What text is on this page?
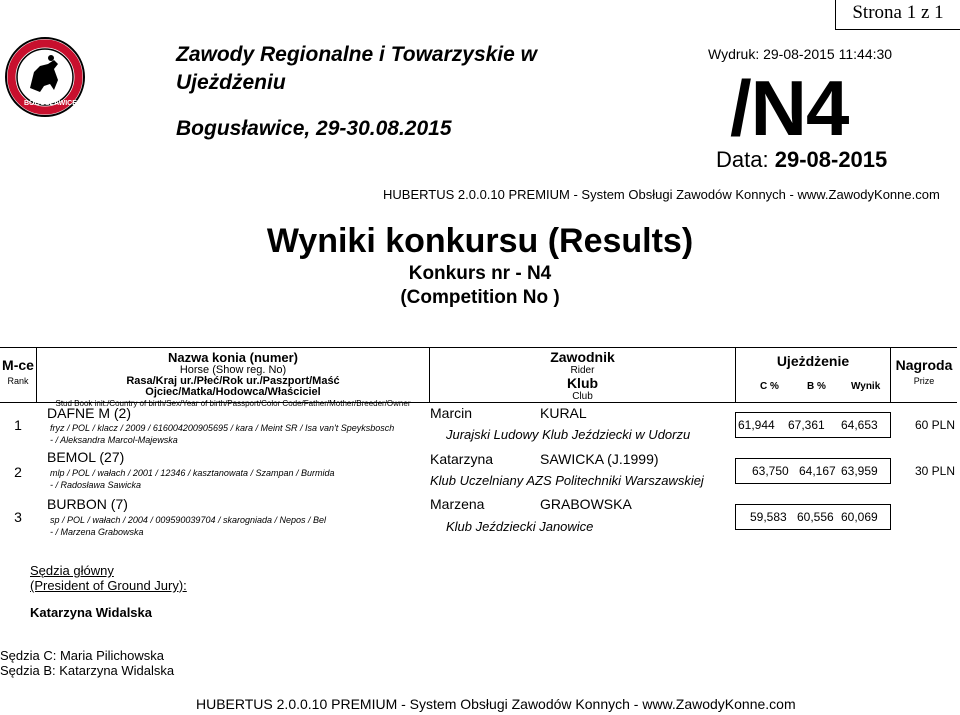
Strona 1 z 1
BOGUSŁAWICE
Zawody Regionalne i Towarzyskie w Ujeżdżeniu
Bogusławice, 29-30.08.2015
Wydruk: 29-08-2015 11:44:30
/N4
Data: 29-08-2015
HUBERTUS 2.0.0.10 PREMIUM - System Obsługi Zawodów Konnych - www.ZawodyKonne.com
Wyniki konkursu (Results)
Konkurs nr - N4
(Competition No )
M-ce
Rank
Nazwa konia (numer)
Horse (Show reg. No)
Rasa/Kraj ur./Płeć/Rok ur./Paszport/Maść
Ojciec/Matka/Hodowca/Właściciel
Stud Book init./Country of birth/Sex/Year of birth/Passport/Color Code/Father/Mother/Breeder/Owner
Zawodnik
Rider
Klub
Club
Ujeżdżenie
C %	B %	Wynik
Nagroda
Prize
1
DAFNE M (2)
fryz / POL / klacz / 2009 / 616004200905695 / kara / Meint SR / Isa van't Speyksbosch
- / Aleksandra Marcol-Majewska
Marcin	KURAL
Jurajski Ludowy Klub Jeździecki w Udorzu
61,944	67,361	64,653	60 PLN
2
BEMOL (27)
mlp / POL / wałach / 2001 / 12346 / kasztanowata / Szampan / Burmida
- / Radosława Sawicka
Katarzyna	SAWICKA (J.1999)
Klub Uczelniany AZS Politechniki Warszawskiej
63,750 64,167 63,959	30 PLN
3
BURBON (7)
sp / POL / wałach / 2004 / 009590039704 / skarogniada / Nepos / Bel
- / Marzena Grabowska
Marzena	GRABOWSKA
Klub Jeździecki Janowice
59,583 60,556 60,069
Sędzia główny
(President of Ground Jury):
Katarzyna Widalska
Sędzia C: Maria Pilichowska
Sędzia B: Katarzyna Widalska
HUBERTUS 2.0.0.10 PREMIUM - System Obsługi Zawodów Konnych - www.ZawodyKonne.com
